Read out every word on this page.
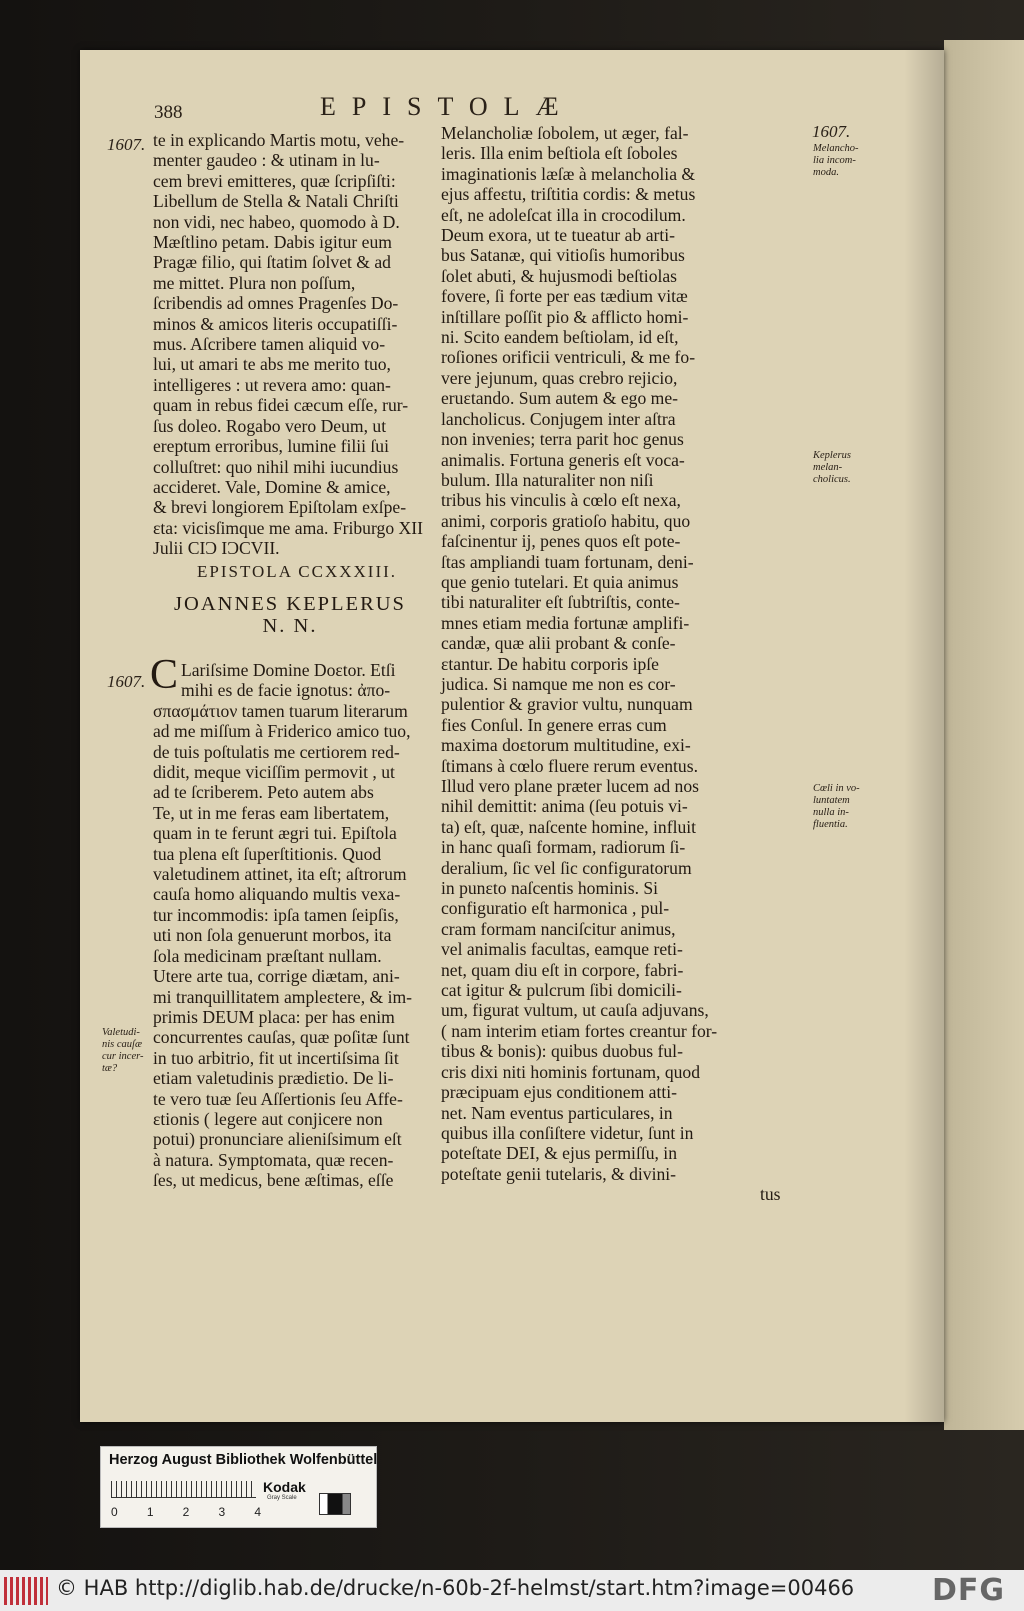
388	EPISTOLÆ
1607.
1607.
1607.

te in explicando Martis motu, vehe-

menter gaudeo : & utinam in lu-

cem brevi emitteres, quæ ſcripſiſti:

Libellum de Stella & Natali Chriſti

non vidi, nec habeo, quomodo à D.

Mæſtlino petam. Dabis igitur eum

Pragæ filio, qui ſtatim ſolvet & ad

me mittet. Plura non poſſum,

ſcribendis ad omnes Pragenſes Do-

minos & amicos literis occupatiſſi-

mus. Aſcribere tamen aliquid vo-

lui, ut amari te abs me merito tuo,

intelligeres : ut revera amo: quan-

quam in rebus fidei cæcum eſſe, rur-

ſus doleo. Rogabo vero Deum, ut

ereptum erroribus, lumine filii ſui

colluſtret: quo nihil mihi iucundius

accideret. Vale, Domine & amice,

& brevi longiorem Epiſtolam exſpe-

ɛta: vicisſimque me ama. Friburgo XII

Julii CIƆ IƆCVII.

EPISTOLA CCXXXIII.
JOANNES KEPLERUS
N. N.
C Lariſsime Domine Doɛtor. Etſi

mihi es de facie ignotus: ἀπο-

σπασμάτιον tamen tuarum literarum

ad me miſſum à Friderico amico tuo,

de tuis poſtulatis me certiorem red-

didit, meque viciſſim permovit , ut

ad te ſcriberem. Peto autem abs

Te, ut in me feras eam libertatem,

quam in te ferunt ægri tui. Epiſtola

tua plena eſt ſuperſtitionis. Quod

valetudinem attinet, ita eſt; aſtrorum

cauſa homo aliquando multis vexa-

tur incommodis: ipſa tamen ſeipſis,

uti non ſola genuerunt morbos, ita

ſola medicinam præſtant nullam.

Utere arte tua, corrige diætam, ani-

mi tranquillitatem ampleɛtere, & im-

primis DEUM placa: per has enim

concurrentes cauſas, quæ poſitæ ſunt

in tuo arbitrio, fit ut incertiſsima ſit

etiam valetudinis prædiɛtio. De li-

te vero tuæ ſeu Aſſertionis ſeu Affe-

ɛtionis ( legere aut conjicere non

potui) pronunciare alieniſsimum eſt

à natura. Symptomata, quæ recen-

ſes, ut medicus, bene æſtimas, eſſe

Melancholiæ ſobolem, ut æger, fal-

leris. Illa enim beſtiola eſt ſoboles

imaginationis læſæ à melancholia &

ejus affeɛtu, triſtitia cordis: & metus

eſt, ne adoleſcat illa in crocodilum.

Deum exora, ut te tueatur ab arti-

bus Satanæ, qui vitioſis humoribus

ſolet abuti, & hujusmodi beſtiolas

fovere, ſi forte per eas tædium vitæ

inſtillare poſſit pio & afflicto homi-

ni. Scito eandem beſtiolam, id eſt,

roſiones orificii ventriculi, & me fo-

vere jejunum, quas crebro rejicio,

eruɛtando. Sum autem & ego me-

lancholicus. Conjugem inter aſtra

non invenies; terra parit hoc genus

animalis. Fortuna generis eſt voca-

bulum. Illa naturaliter non niſi

tribus his vinculis à cœlo eſt nexa,

animi, corporis gratioſo habitu, quo

faſcinentur ij, penes quos eſt pote-

ſtas ampliandi tuam fortunam, deni-

que genio tutelari. Et quia animus

tibi naturaliter eſt ſubtriſtis, conte-

mnes etiam media fortunæ amplifi-

candæ, quæ alii probant & conſe-

ɛtantur. De habitu corporis ipſe

judica. Si namque me non es cor-

pulentior & gravior vultu, nunquam

fies Conſul. In genere erras cum

maxima doɛtorum multitudine, exi-

ſtimans à cœlo fluere rerum eventus.

Illud vero plane præter lucem ad nos

nihil demittit: anima (ſeu potuis vi-

ta) eſt, quæ, naſcente homine, influit

in hanc quaſi formam, radiorum ſi-

deralium, ſic vel ſic configuratorum

in punɛto naſcentis hominis. Si

configuratio eſt harmonica , pul-

cram formam nanciſcitur animus,

vel animalis facultas, eamque reti-

net, quam diu eſt in corpore, fabri-

cat igitur & pulcrum ſibi domicili-

um, figurat vultum, ut cauſa adjuvans,

( nam interim etiam fortes creantur for-

tibus & bonis): quibus duobus ful-

cris dixi niti hominis fortunam, quod

præcipuam ejus conditionem atti-

net. Nam eventus particulares, in

quibus illa conſiſtere videtur, ſunt in

poteſtate DEI, & ejus permiſſu, in

poteſtate genii tutelaris, & divini-

tus

Melancho-

lia incom-

moda.

Keplerus

melan-

cholicus.

Cœli in vo-

luntatem

nulla in-

fluentia.

Valetudi-

nis cauſæ

cur incer-

tæ?

Herzog August Bibliothek Wolfenbüttel
Kodak
Gray Scale
0 1 2 3 4
© HAB http://diglib.hab.de/drucke/n-60b-2f-helmst/start.htm?image=00466	DFG
